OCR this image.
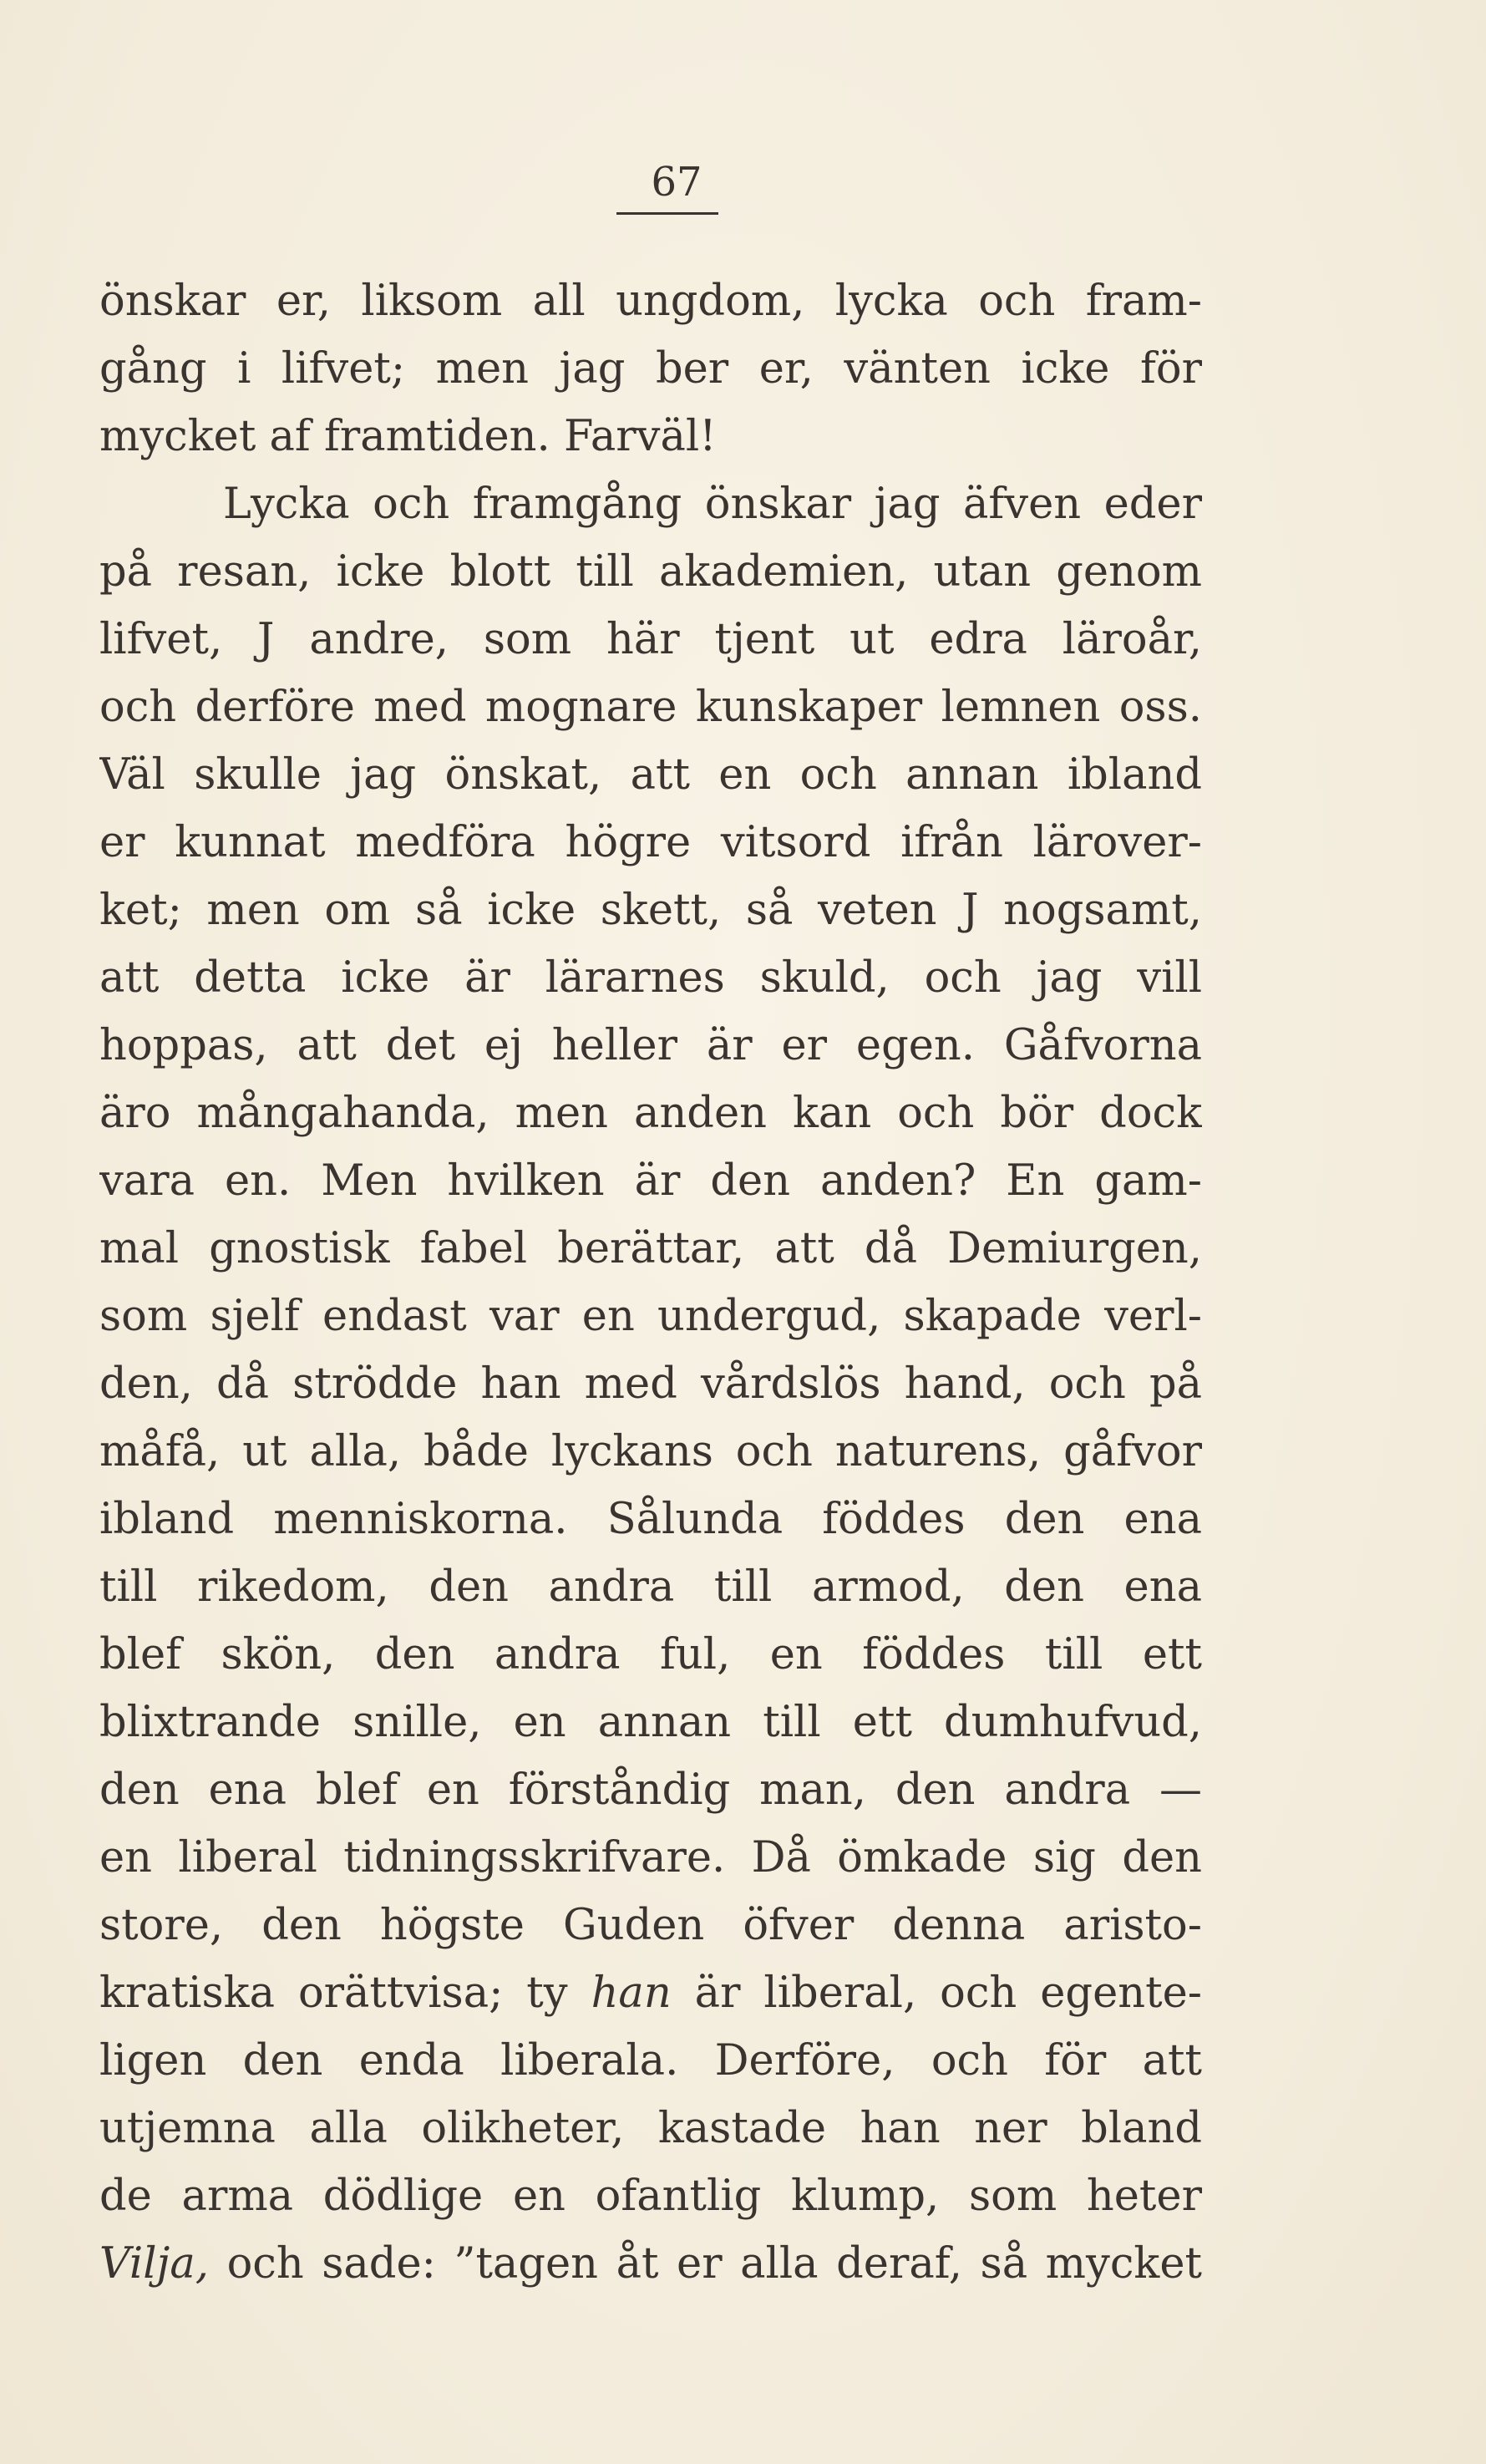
67
önskar er, liksom all ungdom, lycka och fram-
gång i lifvet; men jag ber er, vänten icke för
mycket af framtiden. Farväl!
Lycka och framgång önskar jag äfven eder
på resan, icke blott till akademien, utan genom
lifvet, J andre, som här tjent ut edra läroår,
och derföre med mognare kunskaper lemnen oss.
Väl skulle jag önskat, att en och annan ibland
er kunnat medföra högre vitsord ifrån lärover-
ket; men om så icke skett, så veten J nogsamt,
att detta icke är lärarnes skuld, och jag vill
hoppas, att det ej heller är er egen. Gåfvorna
äro mångahanda, men anden kan och bör dock
vara en. Men hvilken är den anden? En gam-
mal gnostisk fabel berättar, att då Demiurgen,
som sjelf endast var en undergud, skapade verl-
den, då strödde han med vårdslös hand, och på
måfå, ut alla, både lyckans och naturens, gåfvor
ibland menniskorna. Sålunda föddes den ena
till rikedom, den andra till armod, den ena
blef skön, den andra ful, en föddes till ett
blixtrande snille, en annan till ett dumhufvud,
den ena blef en förståndig man, den andra —
en liberal tidningsskrifvare. Då ömkade sig den
store, den högste Guden öfver denna aristo-
kratiska orättvisa; ty han är liberal, och egente-
ligen den enda liberala. Derföre, och för att
utjemna alla olikheter, kastade han ner bland
de arma dödlige en ofantlig klump, som heter
Vilja, och sade: ”tagen åt er alla deraf, så mycket
